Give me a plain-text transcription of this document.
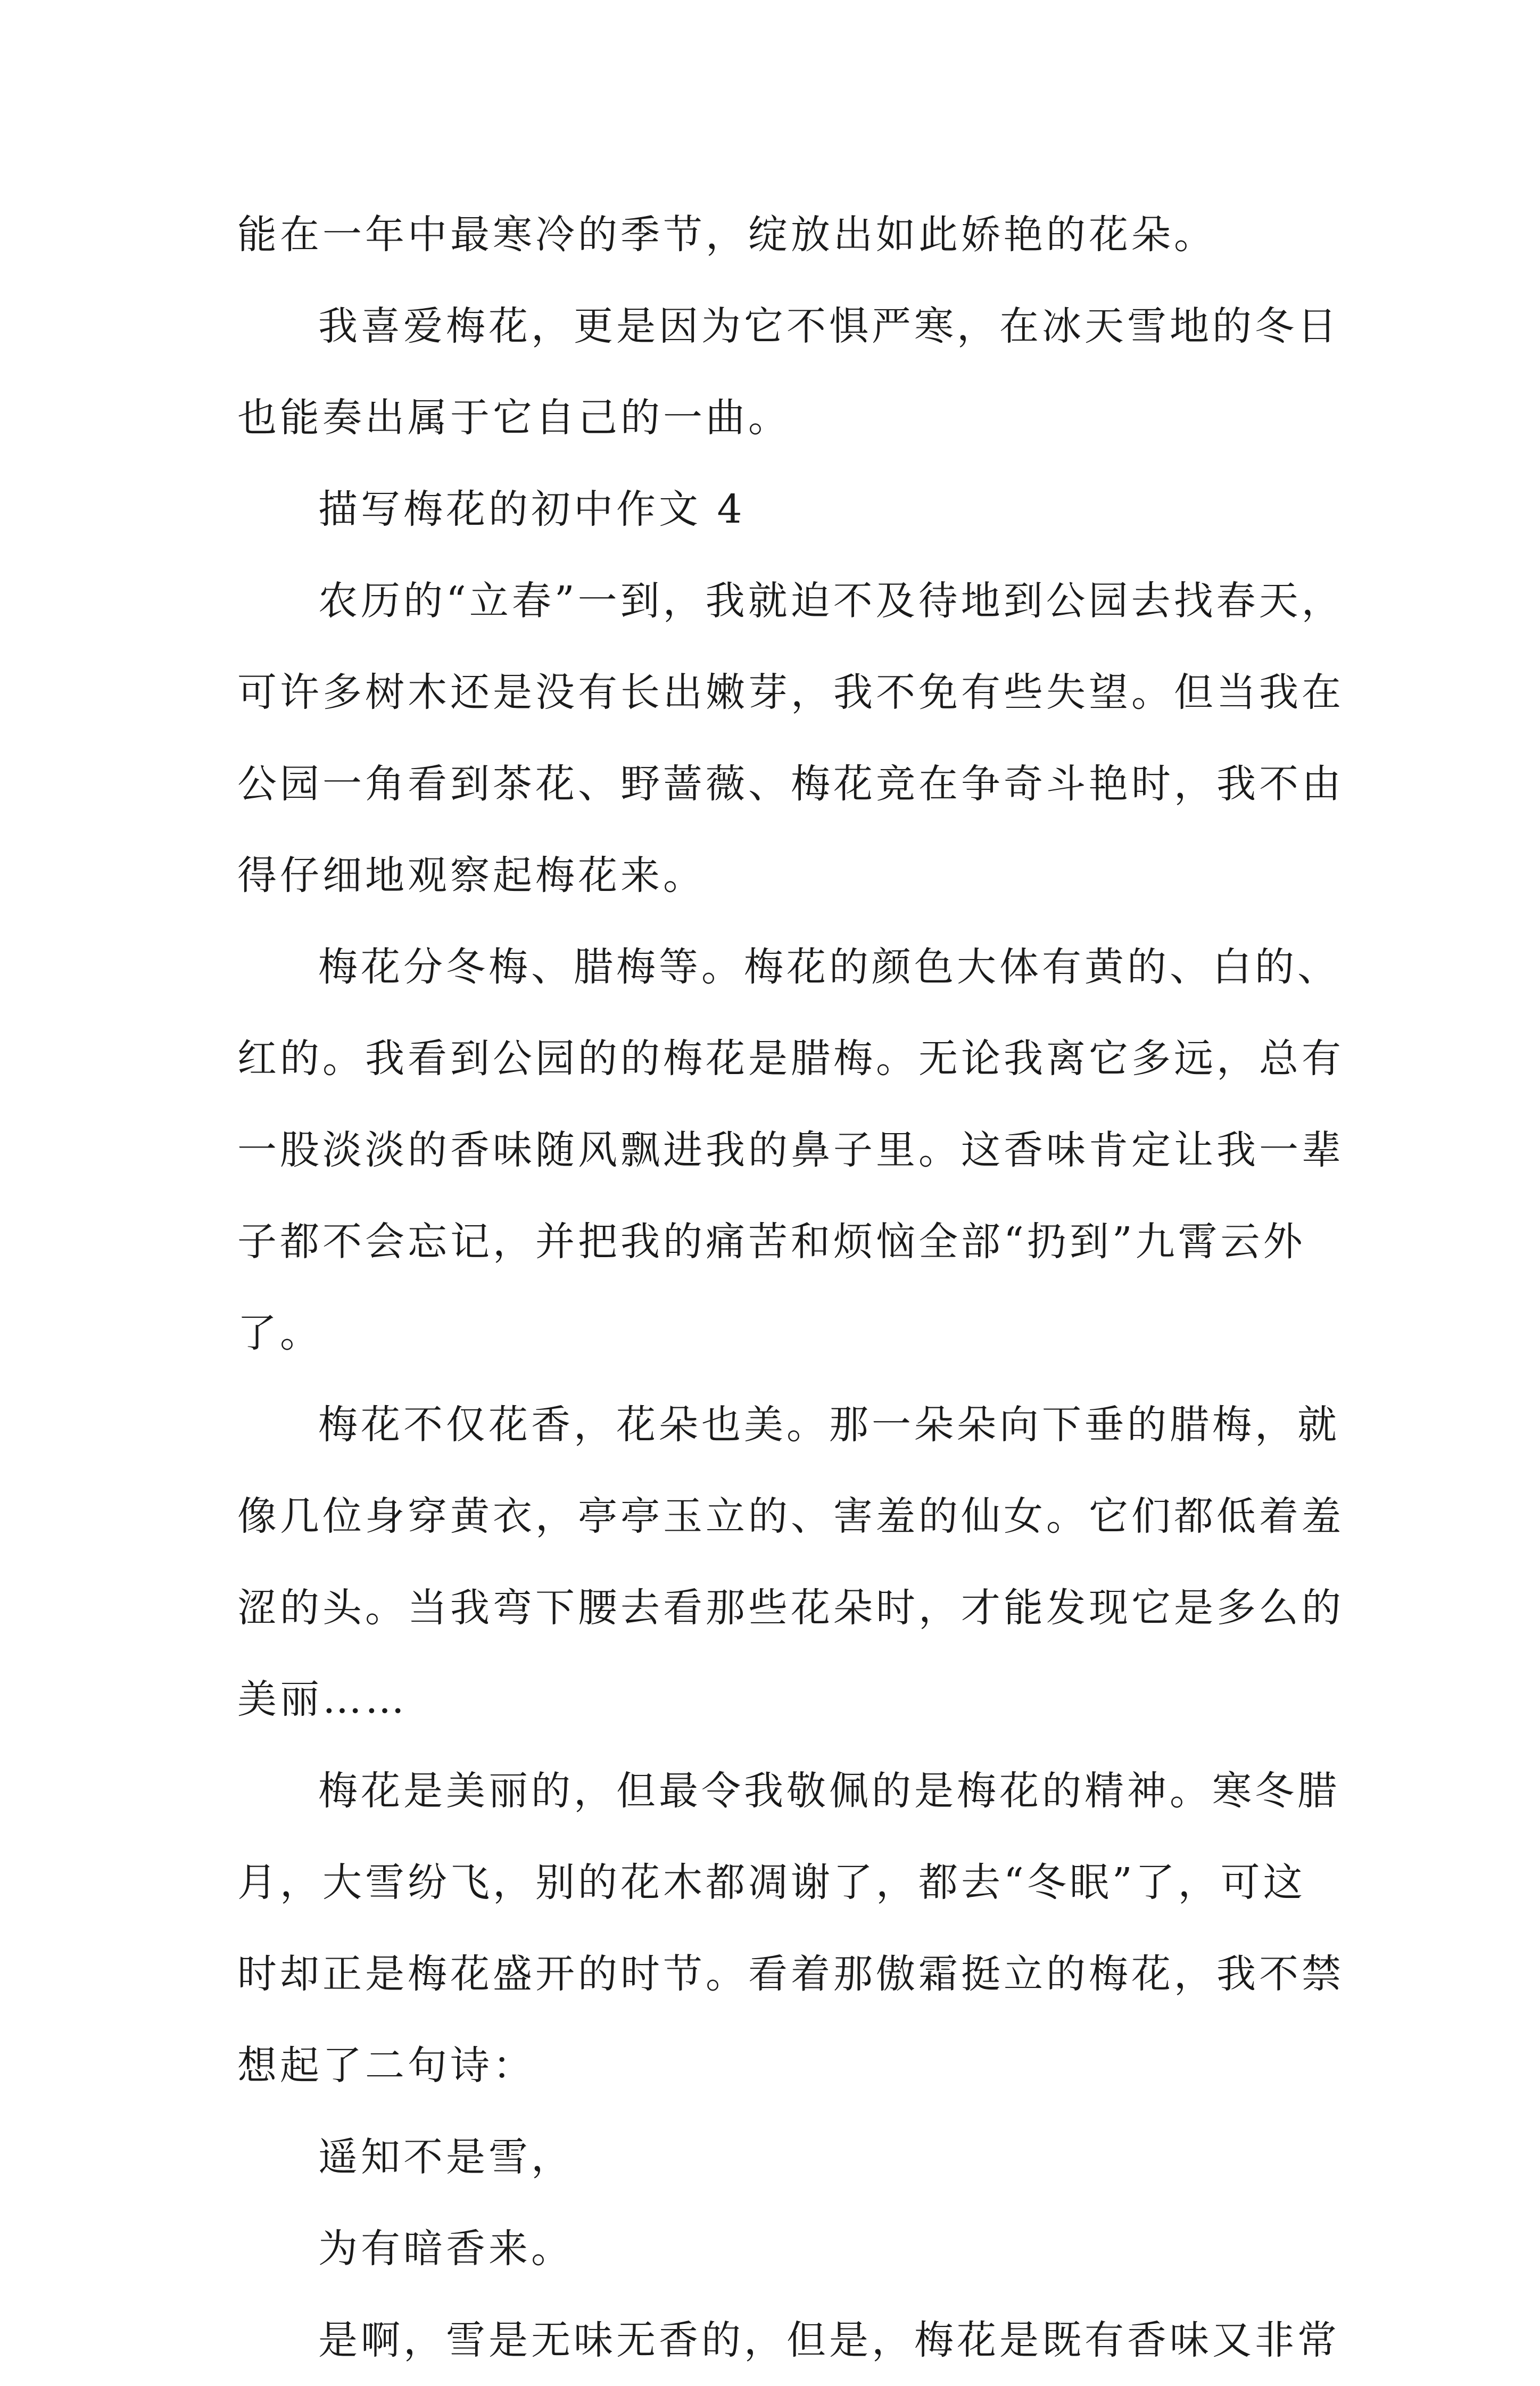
能在一年中最寒冷的季节，绽放出如此娇艳的花朵。
我喜爱梅花，更是因为它不惧严寒，在冰天雪地的冬日
也能奏出属于它自己的一曲。
描写梅花的初中作文 4
农历的“立春”一到，我就迫不及待地到公园去找春天，
可许多树木还是没有长出嫩芽，我不免有些失望。但当我在
公园一角看到茶花、野蔷薇、梅花竞在争奇斗艳时，我不由
得仔细地观察起梅花来。
梅花分冬梅、腊梅等。梅花的颜色大体有黄的、白的、
红的。我看到公园的的梅花是腊梅。无论我离它多远，总有
一股淡淡的香味随风飘进我的鼻子里。这香味肯定让我一辈
子都不会忘记，并把我的痛苦和烦恼全部“扔到”九霄云外
了。
梅花不仅花香，花朵也美。那一朵朵向下垂的腊梅，就
像几位身穿黄衣，亭亭玉立的、害羞的仙女。它们都低着羞
涩的头。当我弯下腰去看那些花朵时，才能发现它是多么的
美丽……
梅花是美丽的，但最令我敬佩的是梅花的精神。寒冬腊
月，大雪纷飞，别的花木都凋谢了，都去“冬眠”了，可这
时却正是梅花盛开的时节。看着那傲霜挺立的梅花，我不禁
想起了二句诗：
遥知不是雪，
为有暗香来。
是啊，雪是无味无香的，但是，梅花是既有香味又非常
